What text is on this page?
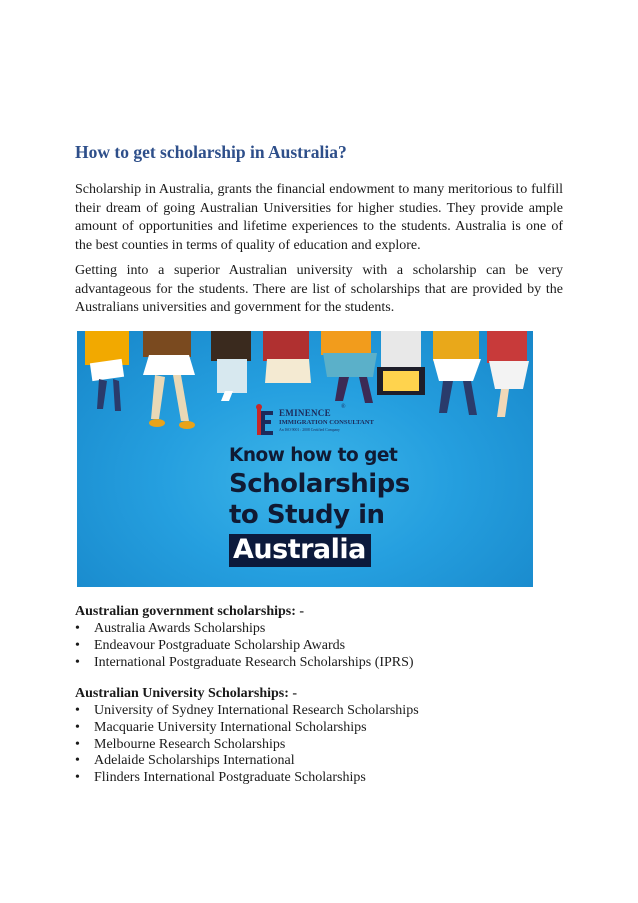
How to get scholarship in Australia?

Scholarship in Australia, grants the financial endowment to many meritorious to fulfill their dream of going Australian Universities for higher studies. They provide ample amount of opportunities and lifetime experiences to the students. Australia is one of the best counties in terms of quality of education and explore.

Getting into a superior Australian university with a scholarship can be very advantageous for the students. There are list of scholarships that are provided by the Australians universities and government for the students.

EMINENCE
®
IMMIGRATION CONSULTANT
An ISO 9001 : 2008 Certified Company
Know how to get
Scholarships
to Study in
Australia
Australian government scholarships: -
• Australia Awards Scholarships
• Endeavour Postgraduate Scholarship Awards
• International Postgraduate Research Scholarships (IPRS)
Australian University Scholarships: -
• University of Sydney International Research Scholarships
• Macquarie University International Scholarships
• Melbourne Research Scholarships
• Adelaide Scholarships International
• Flinders International Postgraduate Scholarships
